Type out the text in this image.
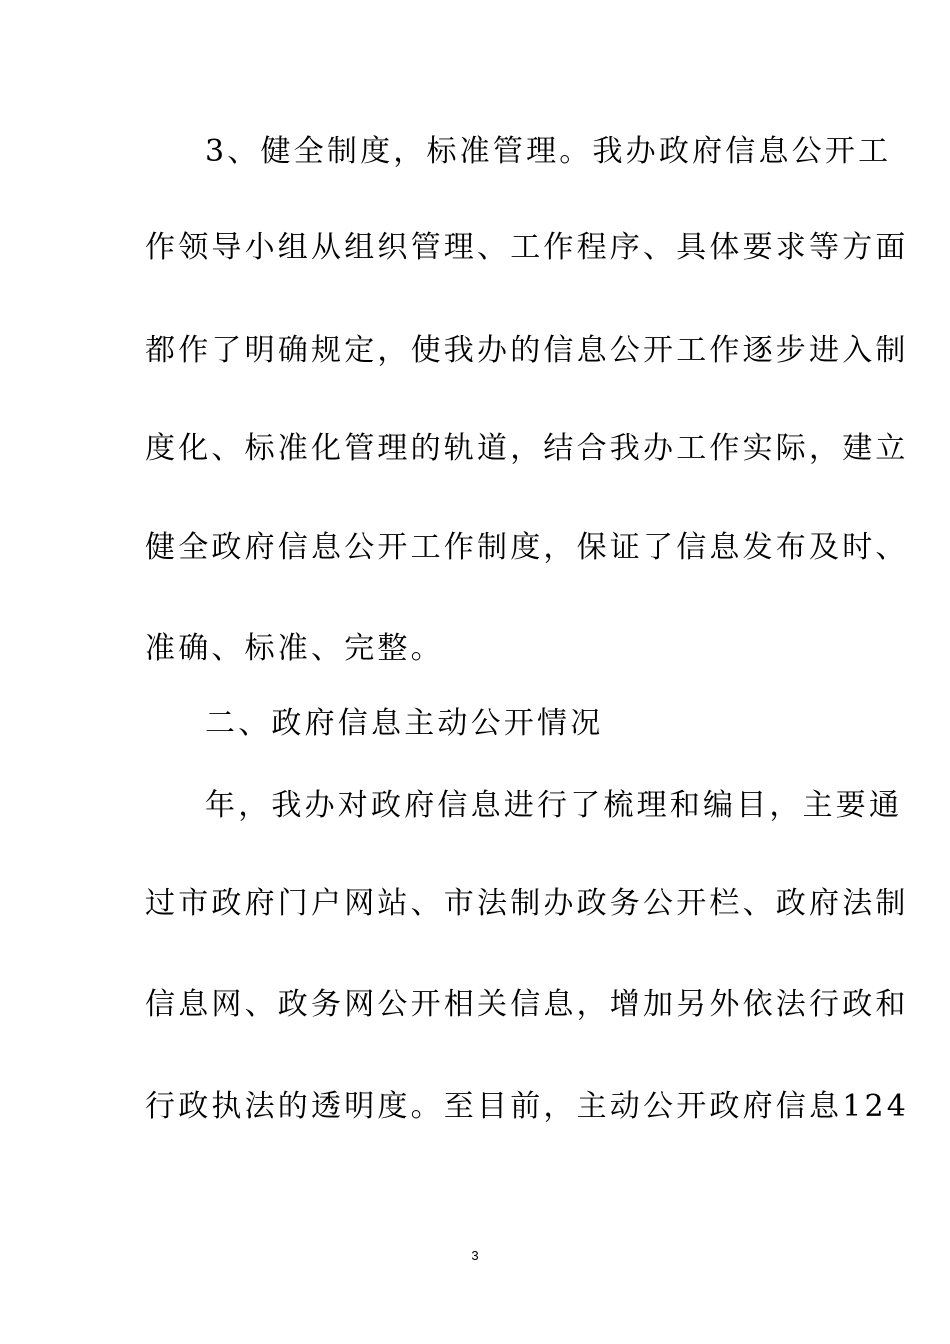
3、健全制度，标准管理。我办政府信息公开工
作领导小组从组织管理、工作程序、具体要求等方面
都作了明确规定，使我办的信息公开工作逐步进入制
度化、标准化管理的轨道，结合我办工作实际，建立
健全政府信息公开工作制度，保证了信息发布及时、
准确、标准、完整。
二、政府信息主动公开情况
年，我办对政府信息进行了梳理和编目，主要通
过市政府门户网站、市法制办政务公开栏、政府法制
信息网、政务网公开相关信息，增加另外依法行政和
行政执法的透明度。至目前，主动公开政府信息124
3
